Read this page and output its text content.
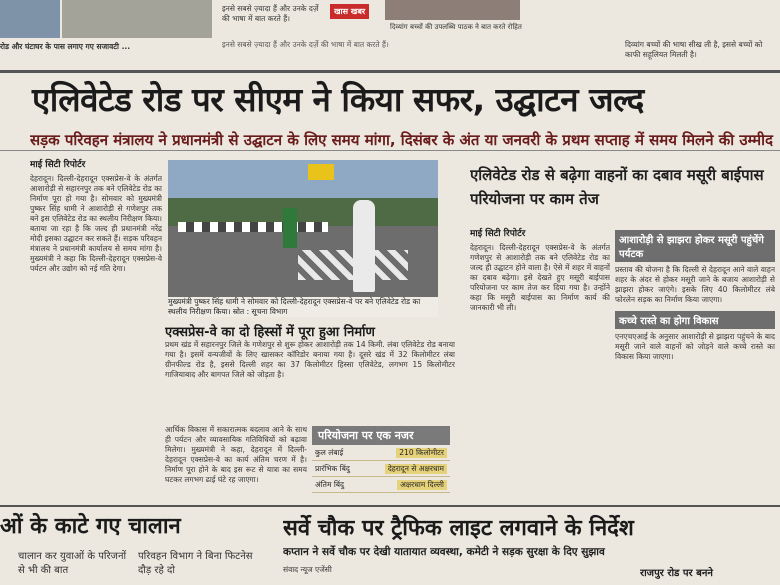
रोड और घंटाघर के पास लगाए गए सजावटी ...
खास खबर
इनसे सबसे ज़्यादा हैं और उनके दर्ज़े की भाषा में बात करते हैं।
दिव्यांग बच्चों की उपलब्धि पाठक ने बात करते रोहित
दिव्यांग बच्चों की भाषा सीख ली है, इससे बच्चों को काफी सहूलियत मिलती है।
इनसे सबसे ज़्यादा हैं और उनके दर्ज़े की भाषा में बात करते हैं।
एलिवेटेड रोड पर सीएम ने किया सफर, उद्घाटन जल्द
सड़क परिवहन मंत्रालय ने प्रधानमंत्री से उद्घाटन के लिए समय मांगा, दिसंबर के अंत या जनवरी के प्रथम सप्ताह में समय मिलने की उम्मीद
माई सिटी रिपोर्टर
देहरादून। दिल्ली-देहरादून एक्सप्रेस-वे के अंतर्गत आशारोड़ी से सहारनपुर तक बने एलिवेटेड रोड का निर्माण पूरा हो गया है। सोमवार को मुख्यमंत्री पुष्कर सिंह धामी ने आशारोड़ी से गणेशपुर तक बने इस एलिवेटेड रोड का स्थलीय निरीक्षण किया। बताया जा रहा है कि जल्द ही प्रधानमंत्री नरेंद्र मोदी इसका उद्घाटन कर सकते हैं। सड़क परिवहन मंत्रालय ने प्रधानमंत्री कार्यालय से समय मांगा है। मुख्यमंत्री ने कहा कि दिल्ली-देहरादून एक्सप्रेस-वे पर्यटन और उद्योग को नई गति देगा।
मुख्यमंत्री पुष्कर सिंह धामी ने सोमवार को दिल्ली-देहरादून एक्सप्रेस-वे पर बने एलिवेटेड रोड का स्थलीय निरीक्षण किया। स्रोत : सूचना विभाग
एक्सप्रेस-वे का दो हिस्सों में पूरा हुआ निर्माण
प्रथम खंड में सहारनपुर जिले के गणेशपुर से शुरू होकर आशारोड़ी तक 14 किमी. लंबा एलिवेटेड रोड बनाया गया है। इसमें वन्यजीवों के लिए खासकर कॉरिडोर बनाया गया है। दूसरे खंड में 32 किलोमीटर लंबा ग्रीनफील्ड रोड है, इससे दिल्ली शहर का 37 किलोमीटर हिस्सा एलिवेटेड, लगभग 15 किलोमीटर गाजियाबाद और बागपत जिले को जोड़ता है।
आर्थिक विकास में सकारात्मक बदलाव आने के साथ ही पर्यटन और व्यावसायिक गतिविधियों को बढ़ावा मिलेगा। मुख्यमंत्री ने कहा, देहरादून में दिल्ली-देहरादून एक्सप्रेस-वे का कार्य अंतिम चरण में है। निर्माण पूरा होने के बाद इस रूट से यात्रा का समय घटकर लगभग ढाई घंटे रह जाएगा।
परियोजना पर एक नजर
कुल लंबाई	210 किलोमीटर
प्रारंभिक बिंदु	देहरादून से अक्षरधाम
अंतिम बिंदु	अक्षरधाम दिल्ली
एलिवेटेड रोड से बढ़ेगा वाहनों का दबाव मसूरी बाईपास परियोजना पर काम तेज
माई सिटी रिपोर्टर
देहरादून। दिल्ली-देहरादून एक्सप्रेस-वे के अंतर्गत गणेशपुर से आशारोड़ी तक बने एलिवेटेड रोड का जल्द ही उद्घाटन होने वाला है। ऐसे में शहर में वाहनों का दबाव बढ़ेगा। इसे देखते हुए मसूरी बाईपास परियोजना पर काम तेज कर दिया गया है। उन्होंने कहा कि मसूरी बाईपास का निर्माण कार्य की जानकारी भी ली।
आशारोड़ी से झाझरा होकर मसूरी पहुंचेंगे पर्यटक
प्रस्ताव की योजना है कि दिल्ली से देहरादून आने वाले वाहन शहर के अंदर से होकर मसूरी जाने के बजाय आशारोड़ी से झाझरा होकर जाएंगे। इसके लिए 40 किलोमीटर लंबे फोरलेन सड़क का निर्माण किया जाएगा।
कच्चे रास्ते का होगा विकास
एनएचएआई के अनुसार आशारोड़ी से झाझरा पहुंचने के बाद मसूरी जाने वाले वाहनों को जोड़ने वाले कच्चे रास्ते का विकास किया जाएगा।
ओं के काटे गए चालान
चालान कर युवाओं के परिजनों से भी की बात
परिवहन विभाग ने बिना फिटनेस दौड़ रहे दो
सर्वे चौक पर ट्रैफिक लाइट लगवाने के निर्देश
कप्तान ने सर्वे चौक पर देखी यातायात व्यवस्था, कमेटी ने सड़क सुरक्षा के दिए सुझाव
संवाद न्यूज एजेंसी	राजपुर रोड पर बनने
